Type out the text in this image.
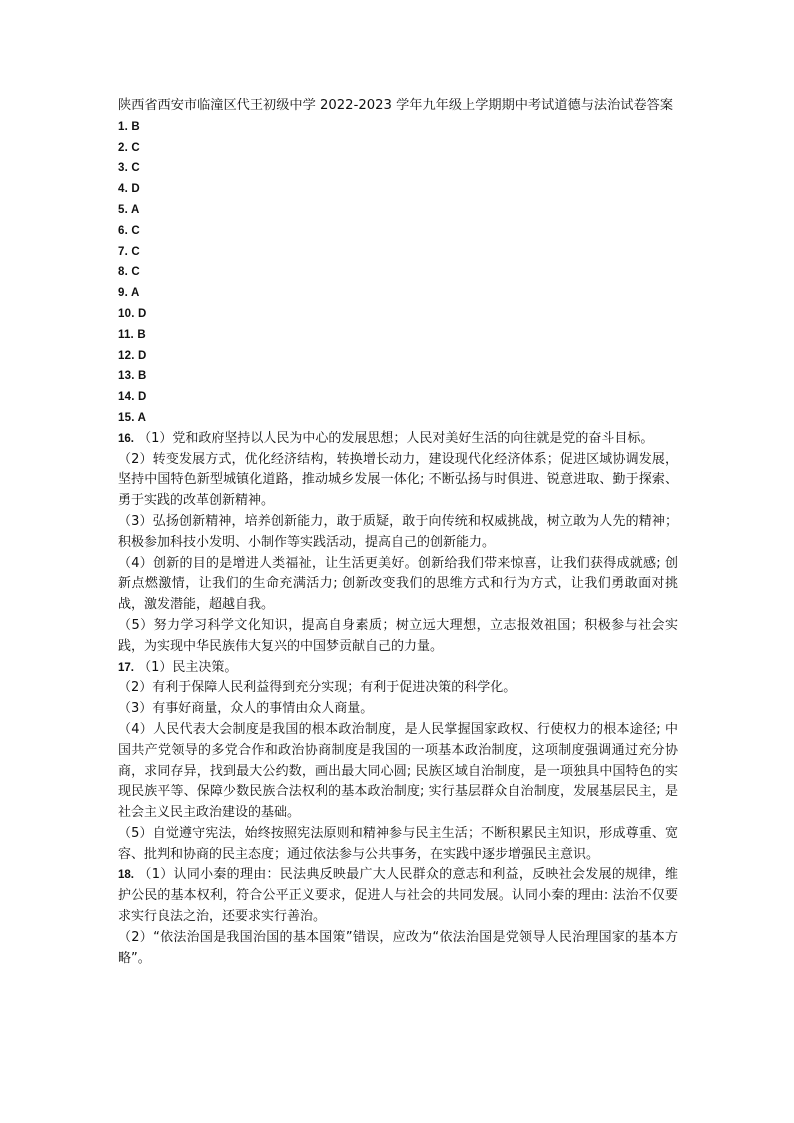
陕西省西安市临潼区代王初级中学 2022-2023 学年九年级上学期期中考试道德与法治试卷答案

1. B

2. C

3. C

4. D

5. A

6. C

7. C

8. C

9. A

10. D

11. B

12. D

13. B

14. D

15. A

16. （1）党和政府坚持以人民为中心的发展思想；人民对美好生活的向往就是党的奋斗目标。

（2）转变发展方式，优化经济结构，转换增长动力，建设现代化经济体系；促进区域协调发展，坚持中国特色新型城镇化道路，推动城乡发展一体化; 不断弘扬与时俱进、锐意进取、勤于探索、勇于实践的改革创新精神。

（3）弘扬创新精神，培养创新能力，敢于质疑，敢于向传统和权威挑战，树立敢为人先的精神；积极参加科技小发明、小制作等实践活动，提高自己的创新能力。

（4）创新的目的是增进人类福祉，让生活更美好。创新给我们带来惊喜，让我们获得成就感; 创新点燃激情，让我们的生命充满活力; 创新改变我们的思维方式和行为方式，让我们勇敢面对挑战，激发潜能，超越自我。

（5）努力学习科学文化知识，提高自身素质；树立远大理想，立志报效祖国；积极参与社会实践，为实现中华民族伟大复兴的中国梦贡献自己的力量。

17. （1）民主决策。

（2）有利于保障人民利益得到充分实现；有利于促进决策的科学化。

（3）有事好商量，众人的事情由众人商量。

（4）人民代表大会制度是我国的根本政治制度，是人民掌握国家政权、行使权力的根本途径; 中国共产党领导的多党合作和政治协商制度是我国的一项基本政治制度，这项制度强调通过充分协商，求同存异，找到最大公约数，画出最大同心圆; 民族区域自治制度，是一项独具中国特色的实现民族平等、保障少数民族合法权利的基本政治制度; 实行基层群众自治制度，发展基层民主，是社会主义民主政治建设的基础。

（5）自觉遵守宪法，始终按照宪法原则和精神参与民主生活；不断积累民主知识，形成尊重、宽容、批判和协商的民主态度；通过依法参与公共事务，在实践中逐步增强民主意识。

18. （1）认同小秦的理由：民法典反映最广大人民群众的意志和利益，反映社会发展的规律，维护公民的基本权利，符合公平正义要求，促进人与社会的共同发展。认同小秦的理由: 法治不仅要求实行良法之治，还要求实行善治。

（2）“依法治国是我国治国的基本国策”错误，应改为“依法治国是党领导人民治理国家的基本方略”。
